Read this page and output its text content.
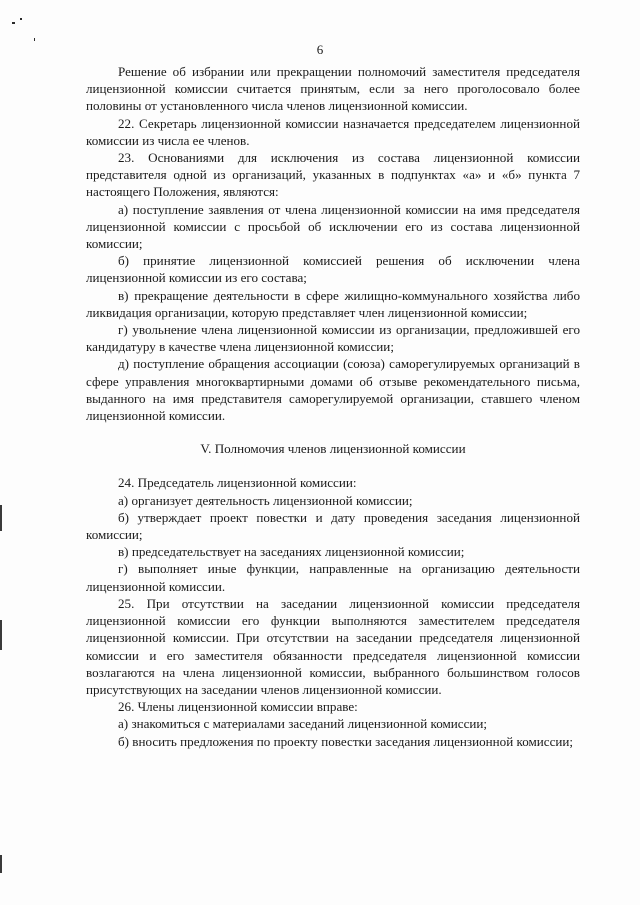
6

Решение об избрании или прекращении полномочий заместителя председателя лицензионной комиссии считается принятым, если за него проголосовало более половины от установленного числа членов лицензионной комиссии.

22. Секретарь лицензионной комиссии назначается председателем лицензионной комиссии из числа ее членов.

23. Основаниями для исключения из состава лицензионной комиссии представителя одной из организаций, указанных в подпунктах «а» и «б» пункта 7 настоящего Положения, являются:

а) поступление заявления от члена лицензионной комиссии на имя председателя лицензионной комиссии с просьбой об исключении его из состава лицензионной комиссии;

б) принятие лицензионной комиссией решения об исключении члена лицензионной комиссии из его состава;

в) прекращение деятельности в сфере жилищно-коммунального хозяйства либо ликвидация организации, которую представляет член лицензионной комиссии;

г) увольнение члена лицензионной комиссии из организации, предложившей его кандидатуру в качестве члена лицензионной комиссии;

д) поступление обращения ассоциации (союза) саморегулируемых организаций в сфере управления многоквартирными домами об отзыве рекомендательного письма, выданного на имя представителя саморегулируемой организации, ставшего членом лицензионной комиссии.

V. Полномочия членов лицензионной комиссии

24. Председатель лицензионной комиссии:

а) организует деятельность лицензионной комиссии;

б) утверждает проект повестки и дату проведения заседания лицензионной комиссии;

в) председательствует на заседаниях лицензионной комиссии;

г) выполняет иные функции, направленные на организацию деятельности лицензионной комиссии.

25. При отсутствии на заседании лицензионной комиссии председателя лицензионной комиссии его функции выполняются заместителем председателя лицензионной комиссии. При отсутствии на заседании председателя лицензионной комиссии и его заместителя обязанности председателя лицензионной комиссии возлагаются на члена лицензионной комиссии, выбранного большинством голосов присутствующих на заседании членов лицензионной комиссии.

26. Члены лицензионной комиссии вправе:

а) знакомиться с материалами заседаний лицензионной комиссии;

б) вносить предложения по проекту повестки заседания лицензионной комиссии;
